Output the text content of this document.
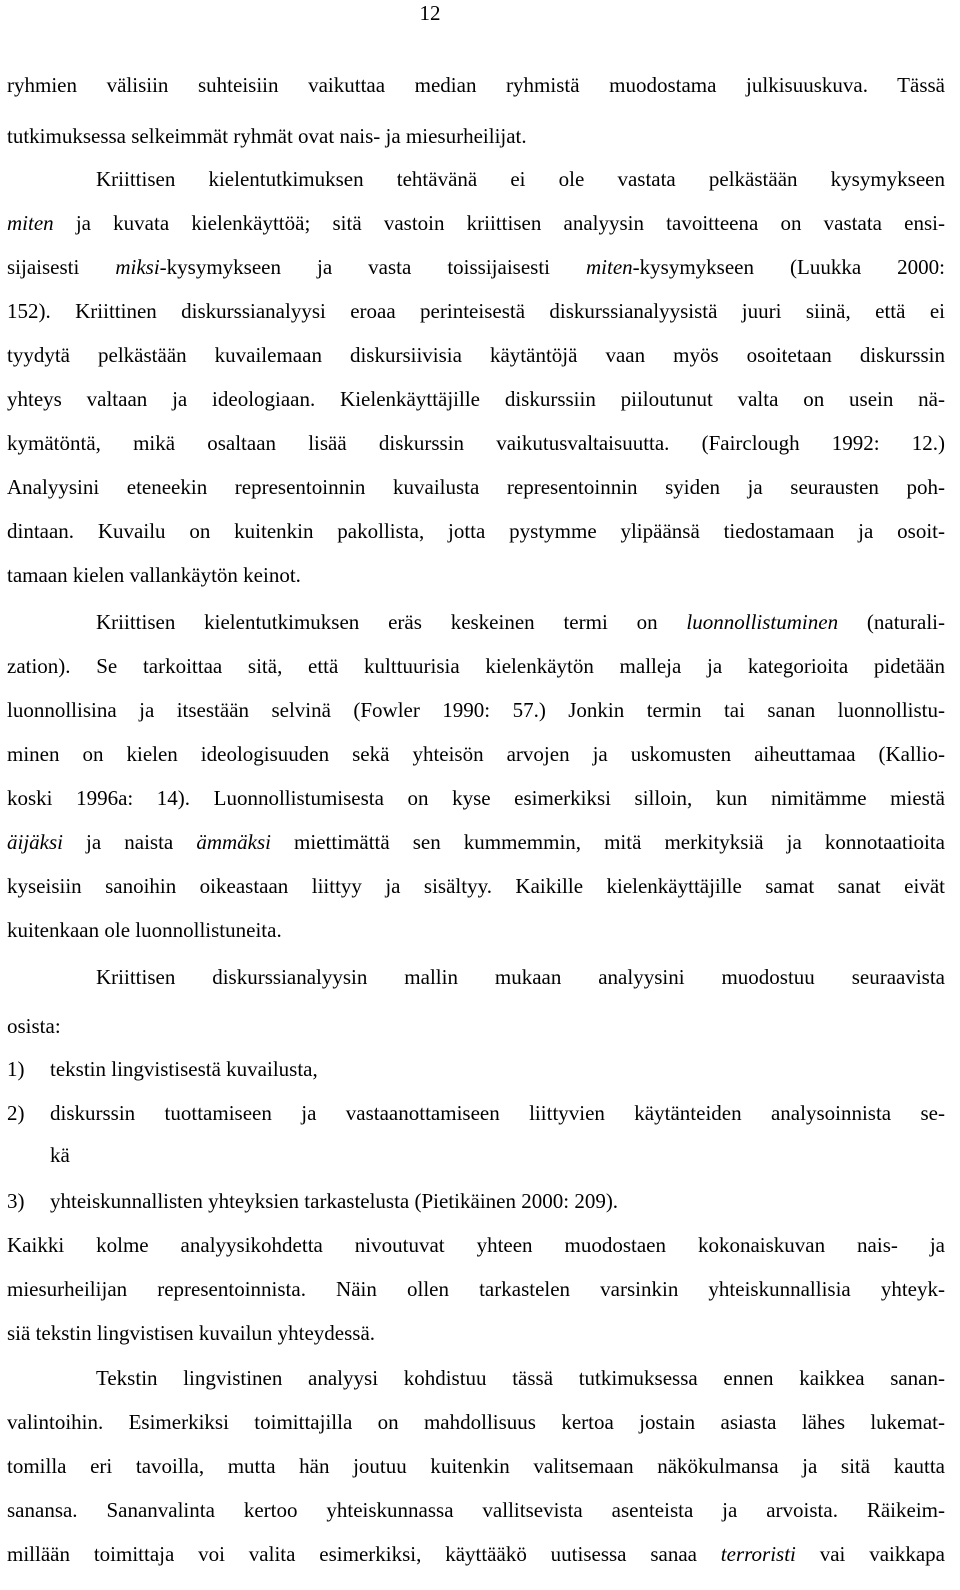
12
ryhmien välisiin suhteisiin vaikuttaa median ryhmistä muodostama julkisuuskuva. Tässä
tutkimuksessa selkeimmät ryhmät ovat nais- ja miesurheilijat.
Kriittisen kielentutkimuksen tehtävänä ei ole vastata pelkästään kysymykseen
miten ja kuvata kielenkäyttöä; sitä vastoin kriittisen analyysin tavoitteena on vastata ensi-
sijaisesti miksi-kysymykseen ja vasta toissijaisesti miten-kysymykseen (Luukka 2000:
152). Kriittinen diskurssianalyysi eroaa perinteisestä diskurssianalyysistä juuri siinä, että ei
tyydytä pelkästään kuvailemaan diskursiivisia käytäntöjä vaan myös osoitetaan diskurssin
yhteys valtaan ja ideologiaan. Kielenkäyttäjille diskurssiin piiloutunut valta on usein nä-
kymätöntä, mikä osaltaan lisää diskurssin vaikutusvaltaisuutta. (Fairclough 1992: 12.)
Analyysini eteneekin representoinnin kuvailusta representoinnin syiden ja seurausten poh-
dintaan. Kuvailu on kuitenkin pakollista, jotta pystymme ylipäänsä tiedostamaan ja osoit-
tamaan kielen vallankäytön keinot.
Kriittisen kielentutkimuksen eräs keskeinen termi on luonnollistuminen (naturali-
zation). Se tarkoittaa sitä, että kulttuurisia kielenkäytön malleja ja kategorioita pidetään
luonnollisina ja itsestään selvinä (Fowler 1990: 57.) Jonkin termin tai sanan luonnollistu-
minen on kielen ideologisuuden sekä yhteisön arvojen ja uskomusten aiheuttamaa (Kallio-
koski 1996a: 14). Luonnollistumisesta on kyse esimerkiksi silloin, kun nimitämme miestä
äijäksi ja naista ämmäksi miettimättä sen kummemmin, mitä merkityksiä ja konnotaatioita
kyseisiin sanoihin oikeastaan liittyy ja sisältyy. Kaikille kielenkäyttäjille samat sanat eivät
kuitenkaan ole luonnollistuneita.
Kriittisen diskurssianalyysin mallin mukaan analyysini muodostuu seuraavista
osista:
1) tekstin lingvistisestä kuvailusta,
2) diskurssin tuottamiseen ja vastaanottamiseen liittyvien käytänteiden analysoinnista se-
kä
3) yhteiskunnallisten yhteyksien tarkastelusta (Pietikäinen 2000: 209).
Kaikki kolme analyysikohdetta nivoutuvat yhteen muodostaen kokonaiskuvan nais- ja
miesurheilijan representoinnista. Näin ollen tarkastelen varsinkin yhteiskunnallisia yhteyk-
siä tekstin lingvistisen kuvailun yhteydessä.
Tekstin lingvistinen analyysi kohdistuu tässä tutkimuksessa ennen kaikkea sanan-
valintoihin. Esimerkiksi toimittajilla on mahdollisuus kertoa jostain asiasta lähes lukemat-
tomilla eri tavoilla, mutta hän joutuu kuitenkin valitsemaan näkökulmansa ja sitä kautta
sanansa. Sananvalinta kertoo yhteiskunnassa vallitsevista asenteista ja arvoista. Räikeim-
millään toimittaja voi valita esimerkiksi, käyttääkö uutisessa sanaa terroristi vai vaikkapa
